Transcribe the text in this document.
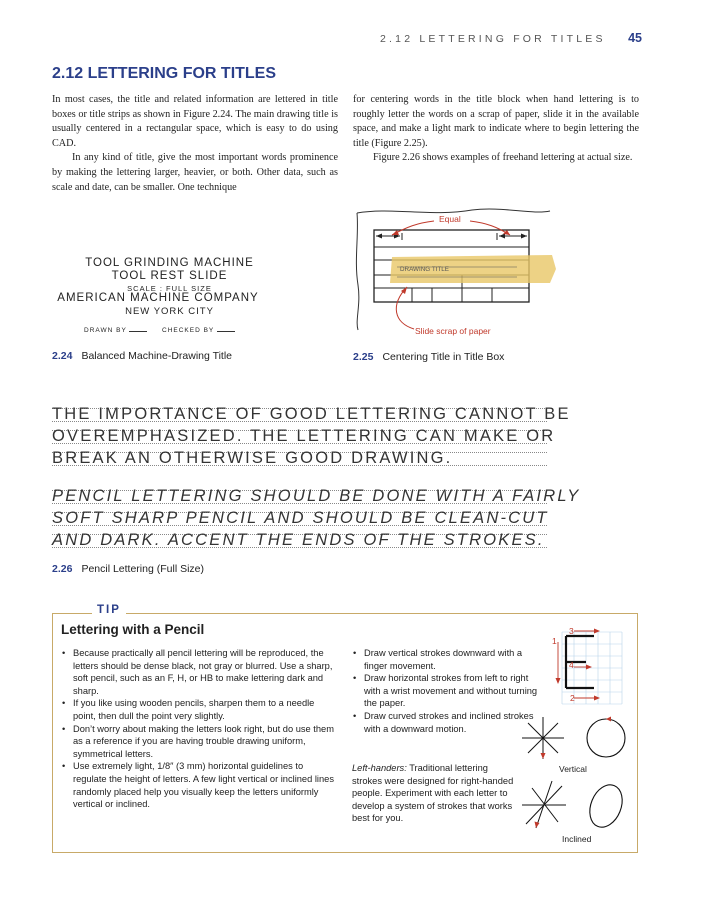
2.12 LETTERING FOR TITLES 45
2.12 LETTERING FOR TITLES

In most cases, the title and related information are lettered in title boxes or title strips as shown in Figure 2.24. The main drawing title is usually centered in a rectangular space, which is easy to do using CAD.

In any kind of title, give the most important words prominence by making the lettering larger, heavier, or both. Other data, such as scale and date, can be smaller. One technique

for centering words in the title block when hand lettering is to roughly letter the words on a scrap of paper, slide it in the available space, and make a light mark to indicate where to begin lettering the title (Figure 2.25).

Figure 2.26 shows examples of freehand lettering at actual size.

TOOL GRINDING MACHINE
TOOL REST SLIDE
SCALE : FULL SIZE
AMERICAN MACHINE COMPANY
NEW YORK CITY
DRAWN BY	CHECKED BY
2.24 Balanced Machine-Drawing Title
Equal
DRAWING TITLE
Slide scrap of paper
2.25 Centering Title in Title Box
THE IMPORTANCE OF GOOD LETTERING CANNOT BE
OVEREMPHASIZED. THE LETTERING CAN MAKE OR
BREAK AN OTHERWISE GOOD DRAWING.
PENCIL LETTERING SHOULD BE DONE WITH A FAIRLY
SOFT SHARP PENCIL AND SHOULD BE CLEAN-CUT
AND DARK. ACCENT THE ENDS OF THE STROKES.
2.26 Pencil Lettering (Full Size)
TIP
Lettering with a Pencil
• Because practically all pencil lettering will be reproduced, the letters should be dense black, not gray or blurred. Use a sharp, soft pencil, such as an F, H, or HB to make lettering dark and sharp.
• If you like using wooden pencils, sharpen them to a needle point, then dull the point very slightly.
• Don’t worry about making the letters look right, but do use them as a reference if you are having trouble drawing uniform, symmetrical letters.
• Use extremely light, 1/8″ (3 mm) horizontal guidelines to regulate the height of letters. A few light vertical or inclined lines randomly placed help you visually keep the letters uniformly vertical or inclined.
• Draw vertical strokes downward with a finger movement.
• Draw horizontal strokes from left to right with a wrist movement and without turning the paper.
• Draw curved strokes and inclined strokes with a downward motion.
Left-handers: Traditional lettering strokes were designed for right-handed people. Experiment with each letter to develop a system of strokes that works best for you.
1
2
3
4
Vertical
Inclined
